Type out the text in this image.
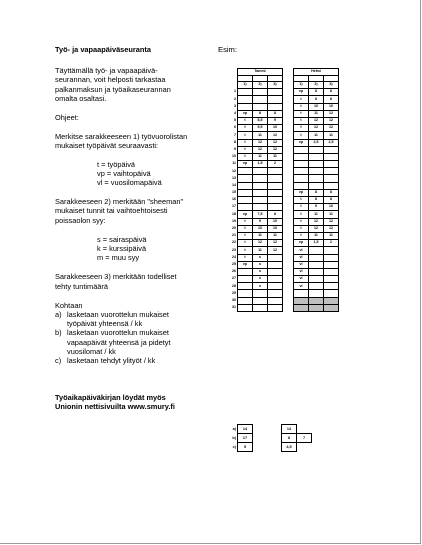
Työ- ja vapaapäiväseuranta

Täyttämällä työ- ja vapaapäivä-

seurannan, voit helposti tarkastaa

palkanmaksun ja työaikaseurannan

omalta osaltasi.

Ohjeet:

Merkitse sarakkeeseen 1) työvuorolistan

mukaiset työpäivät seuraavasti:

t = työpäivä

vp = vaihtopäivä

vl = vuosilomapäivä

Sarakkeeseen 2) merkitään "sheeman"

mukaiset tunnit tai vaihtoehtoisesti

poissaolon syy:

s = sairaspäivä

k = kurssipäivä

m = muu syy

Sarakkeeseen 3) merkitään todelliset

tehty tuntimäärä

Kohtaan

a) lasketaan vuorottelun mukaiset
työpäivät yhteensä / kk
b) lasketaan vuorottelun mukaiset
vapaapäivät yhteensä ja pidetyt
vuosilomat / kk
c) lasketaan tehdyt ylityöt / kk

Työaikapäiväkirjan löydät myös

Unionin nettisivuilta www.smury.fi

Esim:
	Tammi				Helmi		

	1)	2)	3)		1)	2)	3)
1					vp	8	8
2					t	8	8
3					t	10	10
4	vp	8	8		t	11	12
5	t	8,5	9		t	12	12
6	t	9,5	10		t	12	12
7	t	11	12		t	11	11
8	t	12	12		vp	2,5	2,5
9	t	12	12				
10	t	11	11				
11	vp	1,5	2				
12							
13							
14							
15					vp	8	8
16					t	8	8
17					t	9	10
18	vp	7,5	8		t	11	11
19	t	9	10		t	12	12
20	t	10	10		t	12	12
21	t	11	11		t	11	11
22	t	12	12		vp	1,5	2
23	t	11	12		vl		
24	t	s			vl		
25	vp	s			vl		
26		s			vl		
27		s			vl		
28		s			vl		
29							
30							
31							
a)	14			14	
b)	17			8	7
c)	5			4,5	
